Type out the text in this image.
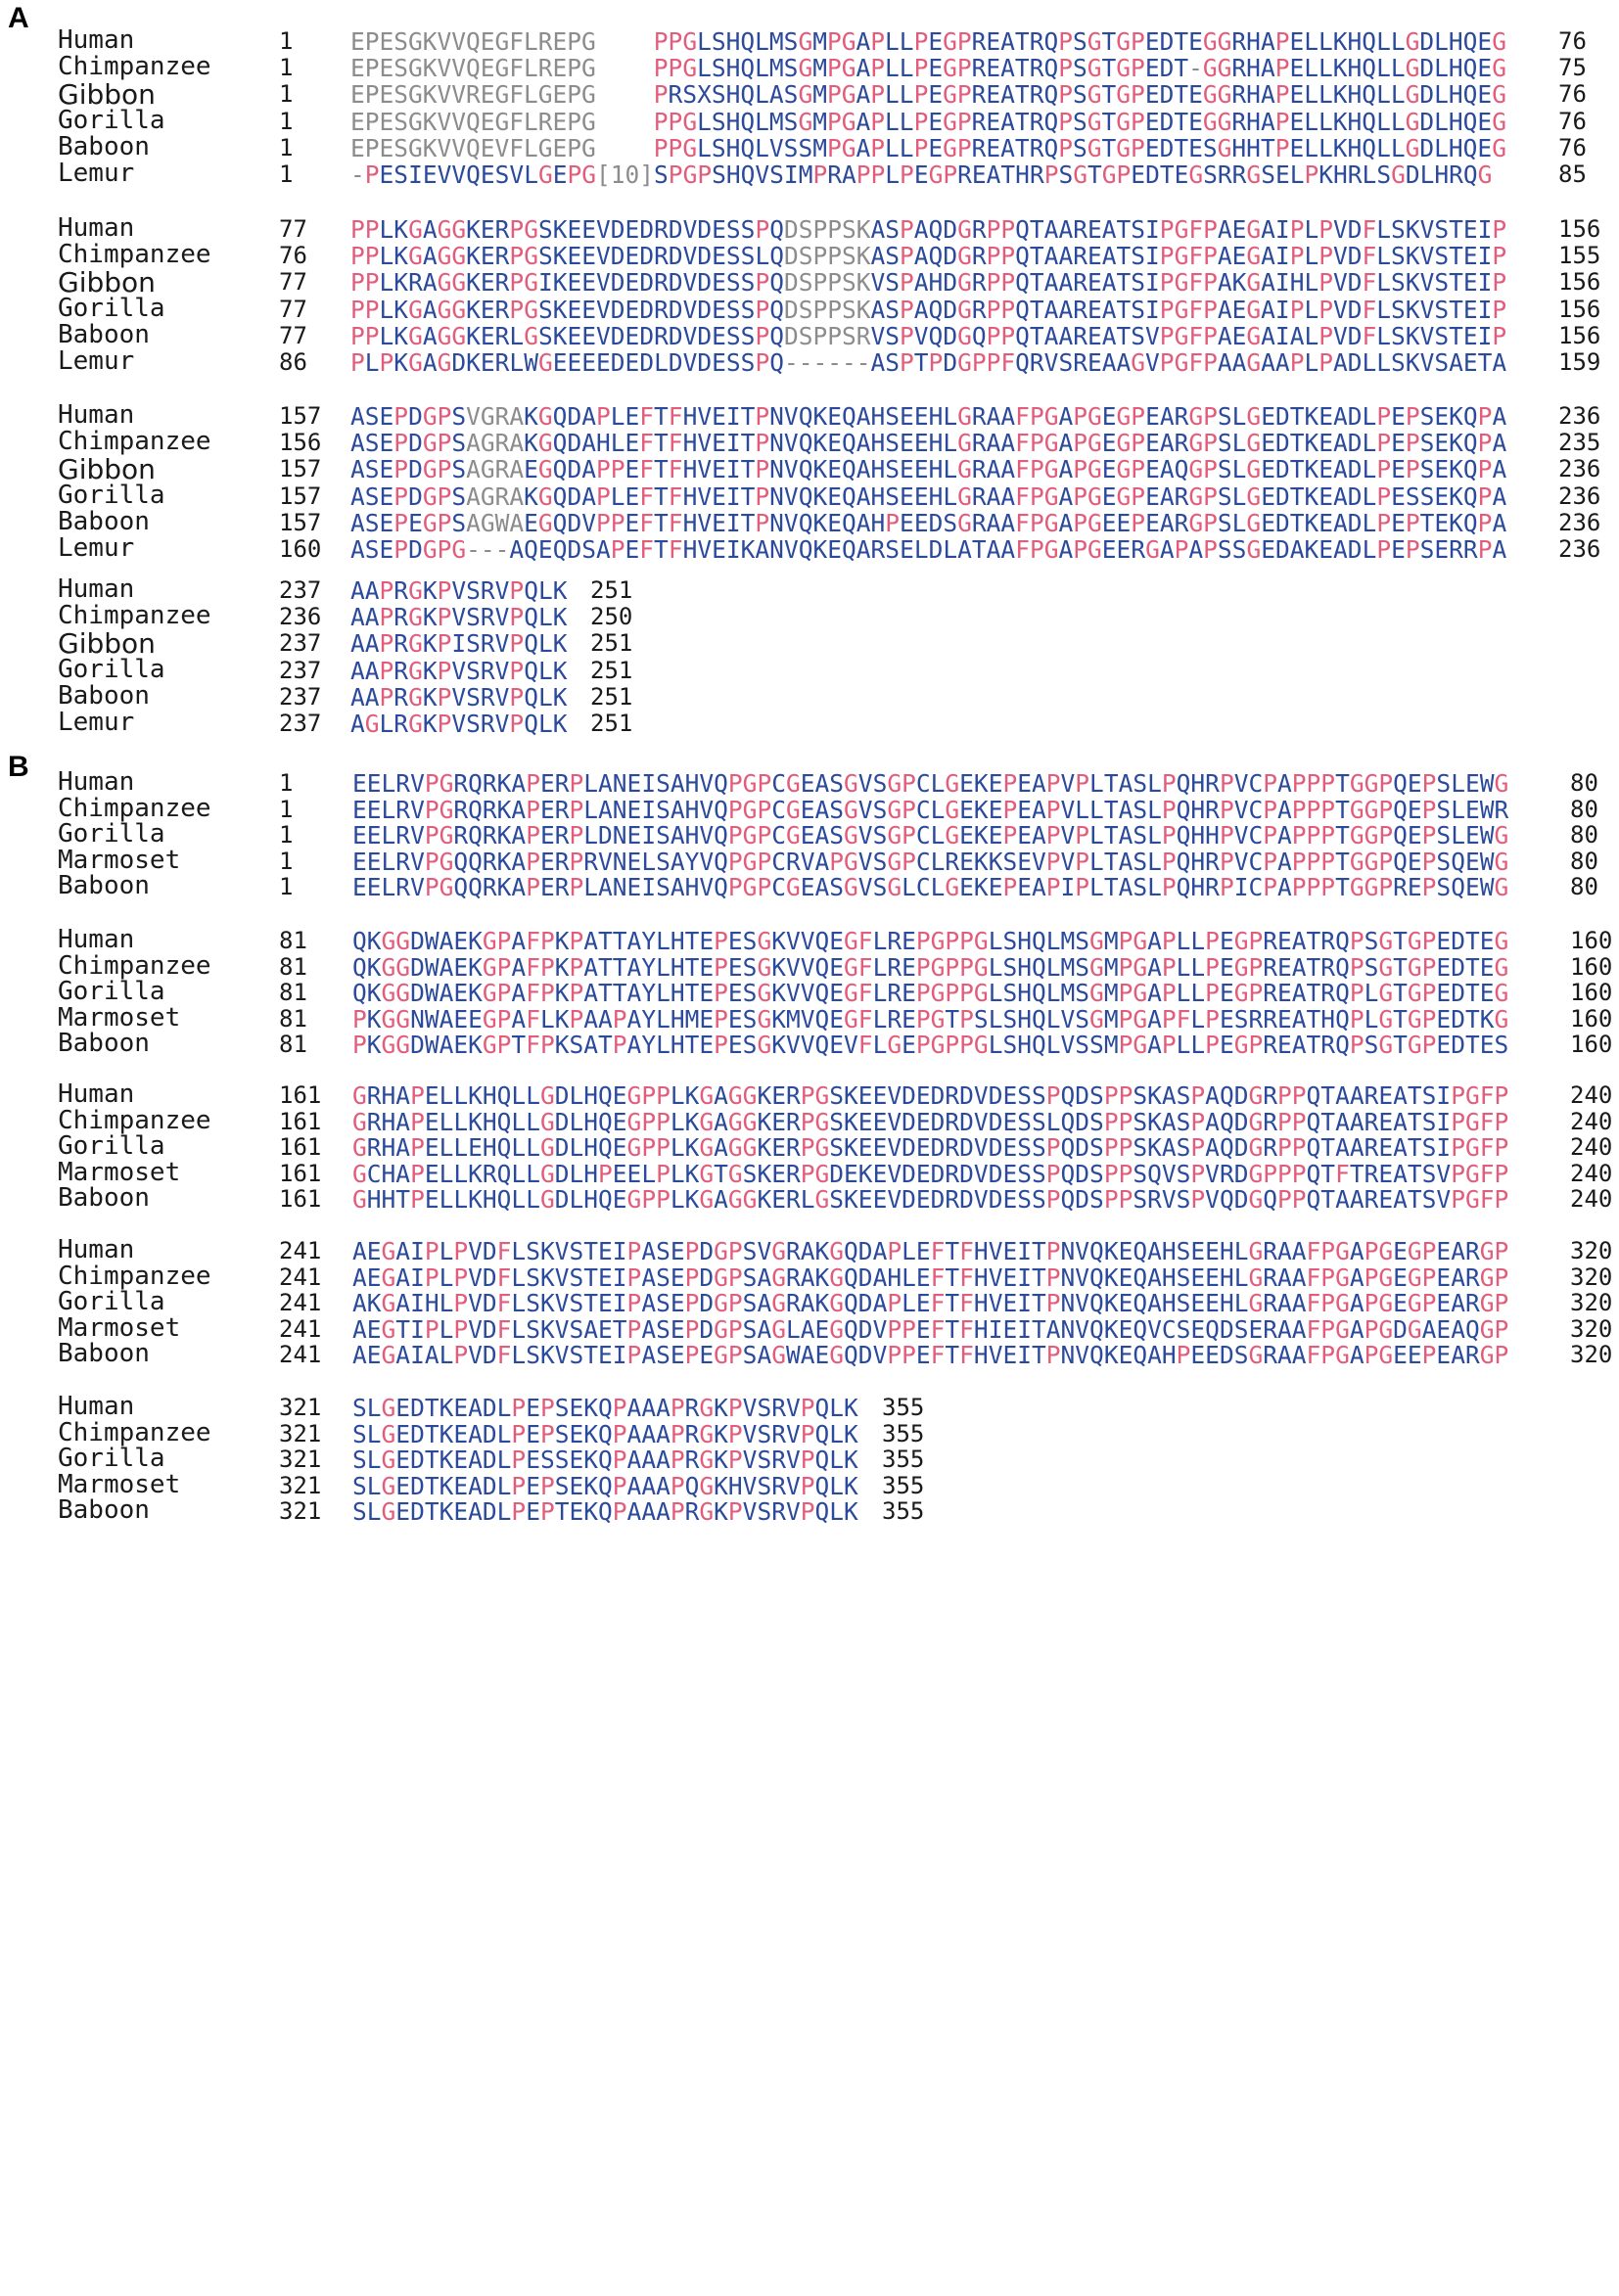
A
Human	1 EPESGKVVQEGFLREPG PPGLSHQLMSGMPGAPLLPEGPREATRQPSGTGPEDTEGGRHAPELLKHQLLGDLHQEG 76
Chimpanzee	1 EPESGKVVQEGFLREPG PPGLSHQLMSGMPGAPLLPEGPREATRQPSGTGPEDT-GGRHAPELLKHQLLGDLHQEG 75
Gibbon	1 EPESGKVVREGFLGEPG PRSXSHQLASGMPGAPLLPEGPREATRQPSGTGPEDTEGGRHAPELLKHQLLGDLHQEG 76
Gorilla	1 EPESGKVVQEGFLREPG PPGLSHQLMSGMPGAPLLPEGPREATRQPSGTGPEDTEGGRHAPELLKHQLLGDLHQEG 76
Baboon	1 EPESGKVVQEVFLGEPG PPGLSHQLVSSMPGAPLLPEGPREATRQPSGTGPEDTESGHHTPELLKHQLLGDLHQEG 76
Lemur	1 -PESIEVVQESVLGEPG[10]SPGPSHQVSIMPRAPPLPEGPREATHRPSGTGPEDTEGSRRGSELPKHRLSGDLHRQG	85
Human	77 PPLKGAGGKERPGSKEEVDEDRDVDESSPQDSPPSKASPAQDGRPPQTAAREATSIPGFPAEGAIPLPVDFLSKVSTEIP 156
Chimpanzee	76 PPLKGAGGKERPGSKEEVDEDRDVDESSLQDSPPSKASPAQDGRPPQTAAREATSIPGFPAEGAIPLPVDFLSKVSTEIP 155
Gibbon	77 PPLKRAGGKERPGIKEEVDEDRDVDESSPQDSPPSKVSPAHDGRPPQTAAREATSIPGFPAKGAIHLPVDFLSKVSTEIP 156
Gorilla	77 PPLKGAGGKERPGSKEEVDEDRDVDESSPQDSPPSKASPAQDGRPPQTAAREATSIPGFPAEGAIPLPVDFLSKVSTEIP 156
Baboon	77 PPLKGAGGKERLGSKEEVDEDRDVDESSPQDSPPSRVSPVQDGQPPQTAAREATSVPGFPAEGAIALPVDFLSKVSTEIP 156
Lemur	86 PLPKGAGDKERLWGEEEEDEDLDVDESSPQ------ASPTPDGPPFQRVSREAAGVPGFPAAGAAPLPADLLSKVSAETA 159
Human	157 ASEPDGPSVGRAKGQDAPLEFTFHVEITPNVQKEQAHSEEHLGRAAFPGAPGEGPEARGPSLGEDTKEADLPEPSEKQPA 236
Chimpanzee	156 ASEPDGPSAGRAKGQDAHLEFTFHVEITPNVQKEQAHSEEHLGRAAFPGAPGEGPEARGPSLGEDTKEADLPEPSEKQPA 235
Gibbon	157 ASEPDGPSAGRAEGQDAPPEFTFHVEITPNVQKEQAHSEEHLGRAAFPGAPGEGPEAQGPSLGEDTKEADLPEPSEKQPA 236
Gorilla	157 ASEPDGPSAGRAKGQDAPLEFTFHVEITPNVQKEQAHSEEHLGRAAFPGAPGEGPEARGPSLGEDTKEADLPESSEKQPA 236
Baboon	157 ASEPEGPSAGWAEGQDVPPEFTFHVEITPNVQKEQAHPEEDSGRAAFPGAPGEEPEARGPSLGEDTKEADLPEPTEKQPA 236
Lemur	160 ASEPDGPG---AQEQDSAPEFTFHVEIKANVQKEQARSELDLATAAFPGAPGEERGAPAPSSGEDAKEADLPEPSERRPA 236
Human	237 AAPRGKPVSRVPQLK 251
Chimpanzee	236 AAPRGKPVSRVPQLK 250
Gibbon	237 AAPRGKPISRVPQLK 251
Gorilla	237 AAPRGKPVSRVPQLK 251
Baboon	237 AAPRGKPVSRVPQLK 251
Lemur	237 AGLRGKPVSRVPQLK 251
B Human	1 EELRVPGRQRKAPERPLANEISAHVQPGPCGEASGVSGPCLGEKEPEAPVPLTASLPQHRPVCPAPPPTGGPQEPSLEWG	80
Chimpanzee	1 EELRVPGRQRKAPERPLANEISAHVQPGPCGEASGVSGPCLGEKEPEAPVLLTASLPQHRPVCPAPPPTGGPQEPSLEWR	80
Gorilla	1 EELRVPGRQRKAPERPLDNEISAHVQPGPCGEASGVSGPCLGEKEPEAPVPLTASLPQHHPVCPAPPPTGGPQEPSLEWG	80
Marmoset	1 EELRVPGQQRKAPERPRVNELSAYVQPGPCRVAPGVSGPCLREKKSEVPVPLTASLPQHRPVCPAPPPTGGPQEPSQEWG	80
Baboon	1 EELRVPGQQRKAPERPLANEISAHVQPGPCGEASGVSGLCLGEKEPEAPIPLTASLPQHRPICPAPPPTGGPREPSQEWG	80
Human	81 QKGGDWAEKGPAFPKPATTAYLHTEPESGKVVQEGFLREPGPPGLSHQLMSGMPGAPLLPEGPREATRQPSGTGPEDTEG	160
Chimpanzee	81 QKGGDWAEKGPAFPKPATTAYLHTEPESGKVVQEGFLREPGPPGLSHQLMSGMPGAPLLPEGPREATRQPSGTGPEDTEG	160
Gorilla	81 QKGGDWAEKGPAFPKPATTAYLHTEPESGKVVQEGFLREPGPPGLSHQLMSGMPGAPLLPEGPREATRQPLGTGPEDTEG	160
Marmoset	81 PKGGNWAEEGPAFLKPAAPAYLHMEPESGKMVQEGFLREPGTPSLSHQLVSGMPGAPFLPESRREATHQPLGTGPEDTKG	160
Baboon	81 PKGGDWAEKGPTFPKSATPAYLHTEPESGKVVQEVFLGEPGPPGLSHQLVSSMPGAPLLPEGPREATRQPSGTGPEDTES	160
Human	161 GRHAPELLKHQLLGDLHQEGPPLKGAGGKERPGSKEEVDEDRDVDESSPQDSPPSKASPAQDGRPPQTAAREATSIPGFP	240
Chimpanzee	161 GRHAPELLKHQLLGDLHQEGPPLKGAGGKERPGSKEEVDEDRDVDESSLQDSPPSKASPAQDGRPPQTAAREATSIPGFP	240
Gorilla	161 GRHAPELLEHQLLGDLHQEGPPLKGAGGKERPGSKEEVDEDRDVDESSPQDSPPSKASPAQDGRPPQTAAREATSIPGFP	240
Marmoset	161 GCHAPELLKRQLLGDLHPEELPLKGTGSKERPGDEKEVDEDRDVDESSPQDSPPSQVSPVRDGPPPQTFTREATSVPGFP	240
Baboon	161 GHHTPELLKHQLLGDLHQEGPPLKGAGGKERLGSKEEVDEDRDVDESSPQDSPPSRVSPVQDGQPPQTAAREATSVPGFP	240
Human	241 AEGAIPLPVDFLSKVSTEIPASEPDGPSVGRAKGQDAPLEFTFHVEITPNVQKEQAHSEEHLGRAAFPGAPGEGPEARGP	320
Chimpanzee	241 AEGAIPLPVDFLSKVSTEIPASEPDGPSAGRAKGQDAHLEFTFHVEITPNVQKEQAHSEEHLGRAAFPGAPGEGPEARGP	320
Gorilla	241 AKGAIHLPVDFLSKVSTEIPASEPDGPSAGRAKGQDAPLEFTFHVEITPNVQKEQAHSEEHLGRAAFPGAPGEGPEARGP	320
Marmoset	241 AEGTIPLPVDFLSKVSAETPASEPDGPSAGLAEGQDVPPEFTFHIEITANVQKEQVCSEQDSERAAFPGAPGDGAEAQGP	320
Baboon	241 AEGAIALPVDFLSKVSTEIPASEPEGPSAGWAEGQDVPPEFTFHVEITPNVQKEQAHPEEDSGRAAFPGAPGEEPEARGP	320
Human	321 SLGEDTKEADLPEPSEKQPAAAPRGKPVSRVPQLK 355
Chimpanzee	321 SLGEDTKEADLPEPSEKQPAAAPRGKPVSRVPQLK 355
Gorilla	321 SLGEDTKEADLPESSEKQPAAAPRGKPVSRVPQLK 355
Marmoset	321 SLGEDTKEADLPEPSEKQPAAAPQGKHVSRVPQLK 355
Baboon	321 SLGEDTKEADLPEPTEKQPAAAPRGKPVSRVPQLK 355
